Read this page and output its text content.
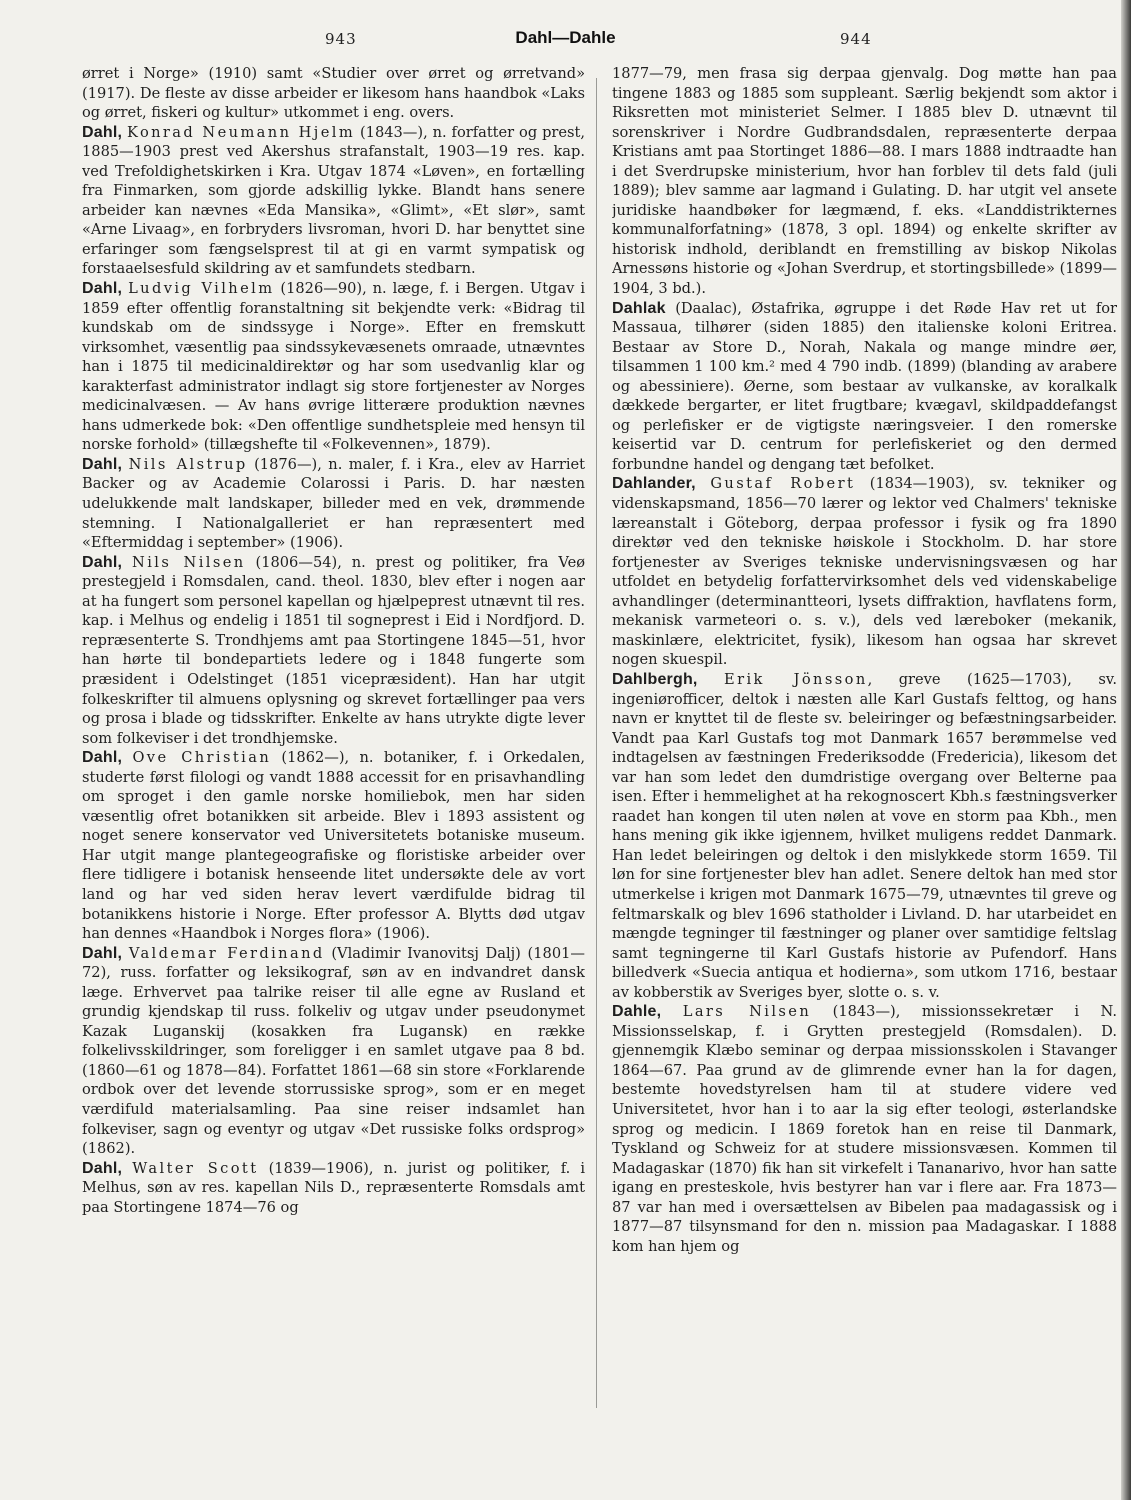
943	Dahl—Dahle	944

ørret i Norge» (1910) samt «Studier over ørret og ørretvand» (1917). De fleste av disse arbeider er likesom hans haandbok «Laks og ørret, fiskeri og kultur» utkommet i eng. overs.

Dahl, Konrad Neumann Hjelm (1843—), n. forfatter og prest, 1885—1903 prest ved Akershus strafanstalt, 1903—19 res. kap. ved Trefoldighetskirken i Kra. Utgav 1874 «Løven», en fortælling fra Finmarken, som gjorde adskillig lykke. Blandt hans senere arbeider kan nævnes «Eda Mansika», «Glimt», «Et slør», samt «Arne Livaag», en forbryders livsroman, hvori D. har benyttet sine erfaringer som fængselsprest til at gi en varmt sympatisk og forstaaelsesfuld skildring av et samfundets stedbarn.

Dahl, Ludvig Vilhelm (1826—90), n. læge, f. i Bergen. Utgav i 1859 efter offentlig foranstaltning sit bekjendte verk: «Bidrag til kundskab om de sindssyge i Norge». Efter en fremskutt virksomhet, væsentlig paa sindssykevæsenets omraade, utnævntes han i 1875 til medicinaldirektør og har som usedvanlig klar og karakterfast administrator indlagt sig store fortjenester av Norges medicinalvæsen. — Av hans øvrige litterære produktion nævnes hans udmerkede bok: «Den offentlige sundhetspleie med hensyn til norske forhold» (tillægshefte til «Folkevennen», 1879).

Dahl, Nils Alstrup (1876—), n. maler, f. i Kra., elev av Harriet Backer og av Academie Colarossi i Paris. D. har næsten udelukkende malt landskaper, billeder med en vek, drømmende stemning. I Nationalgalleriet er han repræsentert med «Eftermiddag i september» (1906).

Dahl, Nils Nilsen (1806—54), n. prest og politiker, fra Veø prestegjeld i Romsdalen, cand. theol. 1830, blev efter i nogen aar at ha fungert som personel kapellan og hjælpeprest utnævnt til res. kap. i Melhus og endelig i 1851 til sogneprest i Eid i Nordfjord. D. repræsenterte S. Trondhjems amt paa Stortingene 1845—51, hvor han hørte til bondepartiets ledere og i 1848 fungerte som præsident i Odelstinget (1851 vicepræsident). Han har utgit folkeskrifter til almuens oplysning og skrevet fortællinger paa vers og prosa i blade og tidsskrifter. Enkelte av hans utrykte digte lever som folkeviser i det trondhjemske.

Dahl, Ove Christian (1862—), n. botaniker, f. i Orkedalen, studerte først filologi og vandt 1888 accessit for en prisavhandling om sproget i den gamle norske homiliebok, men har siden væsentlig ofret botanikken sit arbeide. Blev i 1893 assistent og noget senere konservator ved Universitetets botaniske museum. Har utgit mange plantegeografiske og floristiske arbeider over flere tidligere i botanisk henseende litet undersøkte dele av vort land og har ved siden herav levert værdifulde bidrag til botanikkens historie i Norge. Efter professor A. Blytts død utgav han dennes «Haandbok i Norges flora» (1906).

Dahl, Valdemar Ferdinand (Vladimir Ivanovitsj Dalj) (1801—72), russ. forfatter og leksikograf, søn av en indvandret dansk læge. Erhvervet paa talrike reiser til alle egne av Rusland et grundig kjendskap til russ. folkeliv og utgav under pseudonymet Kazak Luganskij (kosakken fra Lugansk) en række folkelivsskildringer, som foreligger i en samlet utgave paa 8 bd. (1860—61 og 1878—84). Forfattet 1861—68 sin store «Forklarende ordbok over det levende storrussiske sprog», som er en meget værdifuld materialsamling. Paa sine reiser indsamlet han folkeviser, sagn og eventyr og utgav «Det russiske folks ordsprog» (1862).

Dahl, Walter Scott (1839—1906), n. jurist og politiker, f. i Melhus, søn av res. kapellan Nils D., repræsenterte Romsdals amt paa Stortingene 1874—76 og

1877—79, men frasa sig derpaa gjenvalg. Dog møtte han paa tingene 1883 og 1885 som suppleant. Særlig bekjendt som aktor i Riksretten mot ministeriet Selmer. I 1885 blev D. utnævnt til sorenskriver i Nordre Gudbrandsdalen, repræsenterte derpaa Kristians amt paa Stortinget 1886—88. I mars 1888 indtraadte han i det Sverdrupske ministerium, hvor han forblev til dets fald (juli 1889); blev samme aar lagmand i Gulating. D. har utgit vel ansete juridiske haandbøker for lægmænd, f. eks. «Landdistrikternes kommunalforfatning» (1878, 3 opl. 1894) og enkelte skrifter av historisk indhold, deriblandt en fremstilling av biskop Nikolas Arnessøns historie og «Johan Sverdrup, et stortingsbillede» (1899—1904, 3 bd.).

Dahlak (Daalac), Østafrika, øgruppe i det Røde Hav ret ut for Massaua, tilhører (siden 1885) den italienske koloni Eritrea. Bestaar av Store D., Norah, Nakala og mange mindre øer, tilsammen 1 100 km.² med 4 790 indb. (1899) (blanding av arabere og abessiniere). Øerne, som bestaar av vulkanske, av koralkalk dækkede bergarter, er litet frugtbare; kvægavl, skildpaddefangst og perlefisker er de vigtigste næringsveier. I den romerske keisertid var D. centrum for perlefiskeriet og den dermed forbundne handel og dengang tæt befolket.

Dahlander, Gustaf Robert (1834—1903), sv. tekniker og videnskapsmand, 1856—70 lærer og lektor ved Chalmers' tekniske læreanstalt i Göteborg, derpaa professor i fysik og fra 1890 direktør ved den tekniske høiskole i Stockholm. D. har store fortjenester av Sveriges tekniske undervisningsvæsen og har utfoldet en betydelig forfattervirksomhet dels ved videnskabelige avhandlinger (determinantteori, lysets diffraktion, havflatens form, mekanisk varmeteori o. s. v.), dels ved læreboker (mekanik, maskinlære, elektricitet, fysik), likesom han ogsaa har skrevet nogen skuespil.

Dahlbergh, Erik Jönsson, greve (1625—1703), sv. ingeniørofficer, deltok i næsten alle Karl Gustafs felttog, og hans navn er knyttet til de fleste sv. beleiringer og befæstningsarbeider. Vandt paa Karl Gustafs tog mot Danmark 1657 berømmelse ved indtagelsen av fæstningen Frederiksodde (Fredericia), likesom det var han som ledet den dumdristige overgang over Belterne paa isen. Efter i hemmelighet at ha rekognoscert Kbh.s fæstningsverker raadet han kongen til uten nølen at vove en storm paa Kbh., men hans mening gik ikke igjennem, hvilket muligens reddet Danmark. Han ledet beleiringen og deltok i den mislykkede storm 1659. Til løn for sine fortjenester blev han adlet. Senere deltok han med stor utmerkelse i krigen mot Danmark 1675—79, utnævntes til greve og feltmarskalk og blev 1696 statholder i Livland. D. har utarbeidet en mængde tegninger til fæstninger og planer over samtidige feltslag samt tegningerne til Karl Gustafs historie av Pufendorf. Hans billedverk «Suecia antiqua et hodierna», som utkom 1716, bestaar av kobberstik av Sveriges byer, slotte o. s. v.

Dahle, Lars Nilsen (1843—), missionssekretær i N. Missionsselskap, f. i Grytten prestegjeld (Romsdalen). D. gjennemgik Klæbo seminar og derpaa missionsskolen i Stavanger 1864—67. Paa grund av de glimrende evner han la for dagen, bestemte hovedstyrelsen ham til at studere videre ved Universitetet, hvor han i to aar la sig efter teologi, østerlandske sprog og medicin. I 1869 foretok han en reise til Danmark, Tyskland og Schweiz for at studere missionsvæsen. Kommen til Madagaskar (1870) fik han sit virkefelt i Tananarivo, hvor han satte igang en presteskole, hvis bestyrer han var i flere aar. Fra 1873—87 var han med i oversættelsen av Bibelen paa madagassisk og i 1877—87 tilsynsmand for den n. mission paa Madagaskar. I 1888 kom han hjem og
